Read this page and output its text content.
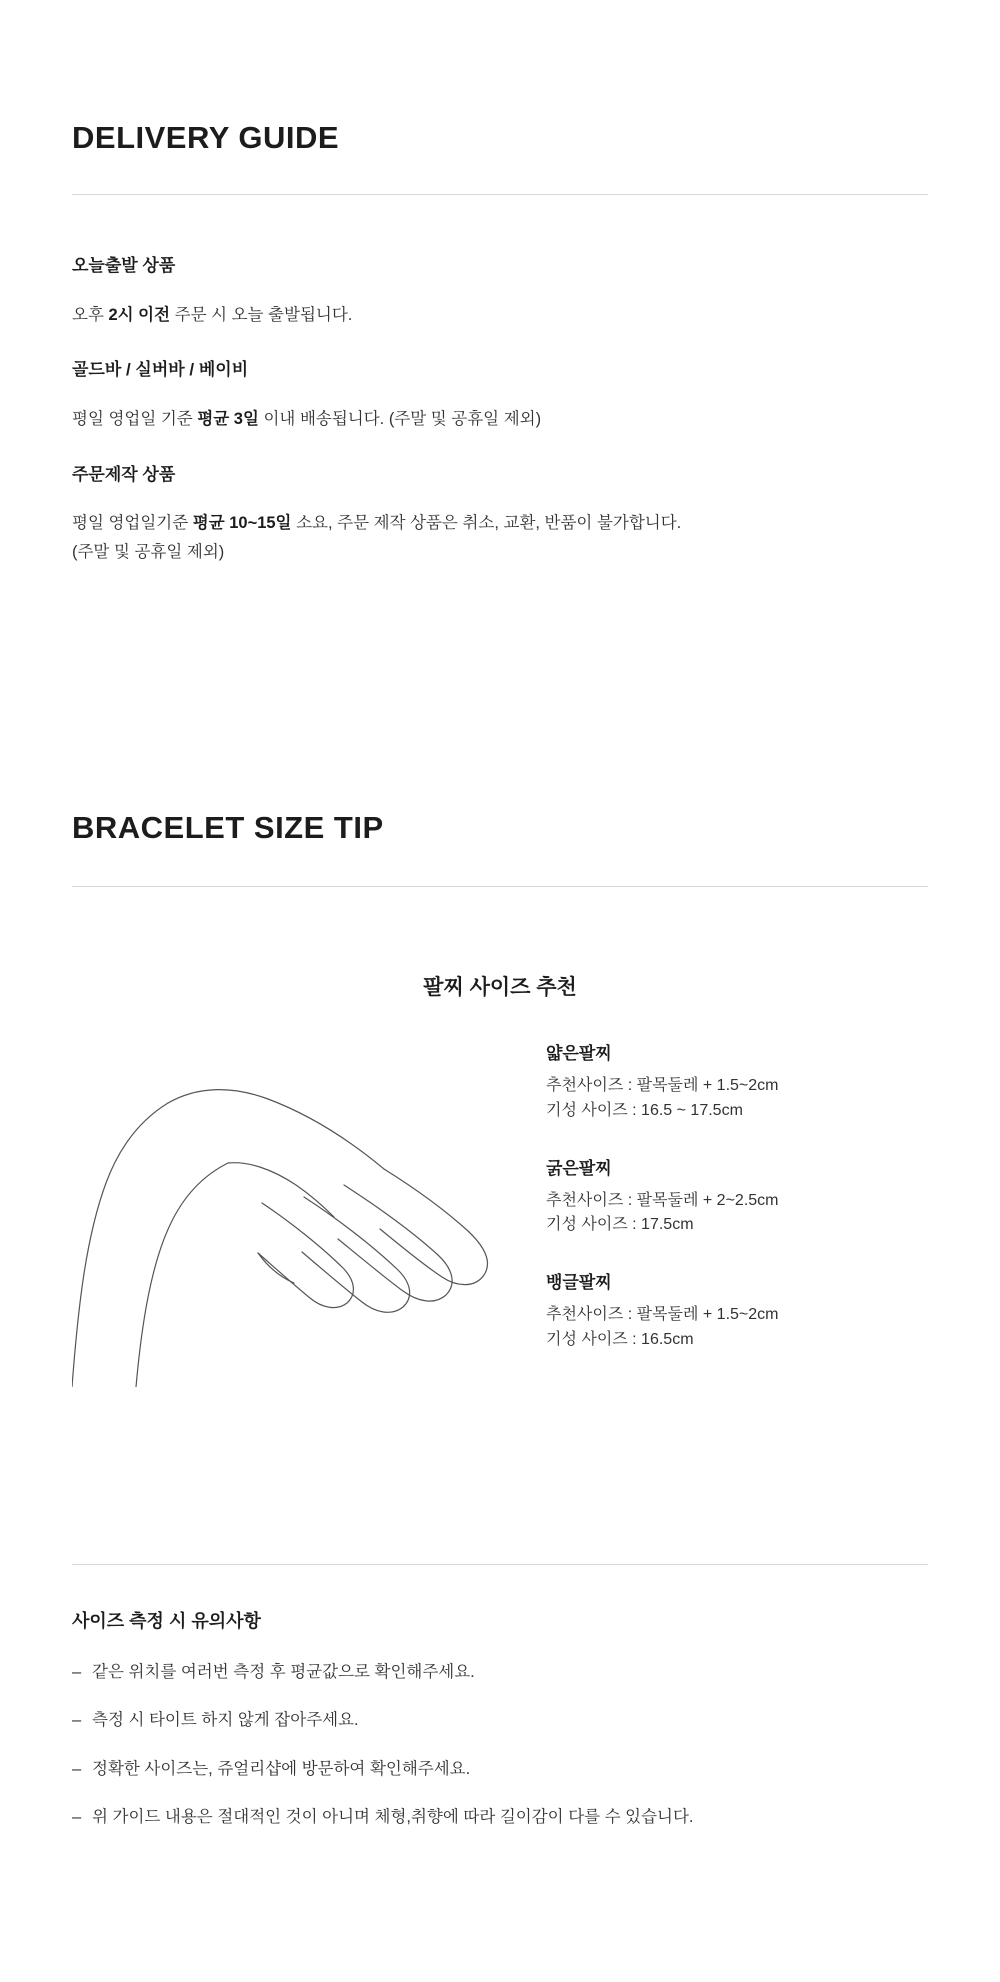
DELIVERY GUIDE

오늘출발 상품

오후 2시 이전 주문 시 오늘 출발됩니다.

골드바 / 실버바 / 베이비

평일 영업일 기준 평균 3일 이내 배송됩니다. (주말 및 공휴일 제외)

주문제작 상품

평일 영업일기준 평균 10~15일 소요, 주문 제작 상품은 취소, 교환, 반품이 불가합니다.

(주말 및 공휴일 제외)

BRACELET SIZE TIP

팔찌 사이즈 추천

얇은팔찌

추천사이즈 : 팔목둘레 + 1.5~2cm

기성 사이즈 : 16.5 ~ 17.5cm

굵은팔찌

추천사이즈 : 팔목둘레 + 2~2.5cm

기성 사이즈 : 17.5cm

뱅글팔찌

추천사이즈 : 팔목둘레 + 1.5~2cm

기성 사이즈 : 16.5cm

사이즈 측정 시 유의사항

– 같은 위치를 여러번 측정 후 평균값으로 확인해주세요.
– 측정 시 타이트 하지 않게 잡아주세요.
– 정확한 사이즈는, 쥬얼리샵에 방문하여 확인해주세요.
– 위 가이드 내용은 절대적인 것이 아니며 체형,취향에 따라 길이감이 다를 수 있습니다.
